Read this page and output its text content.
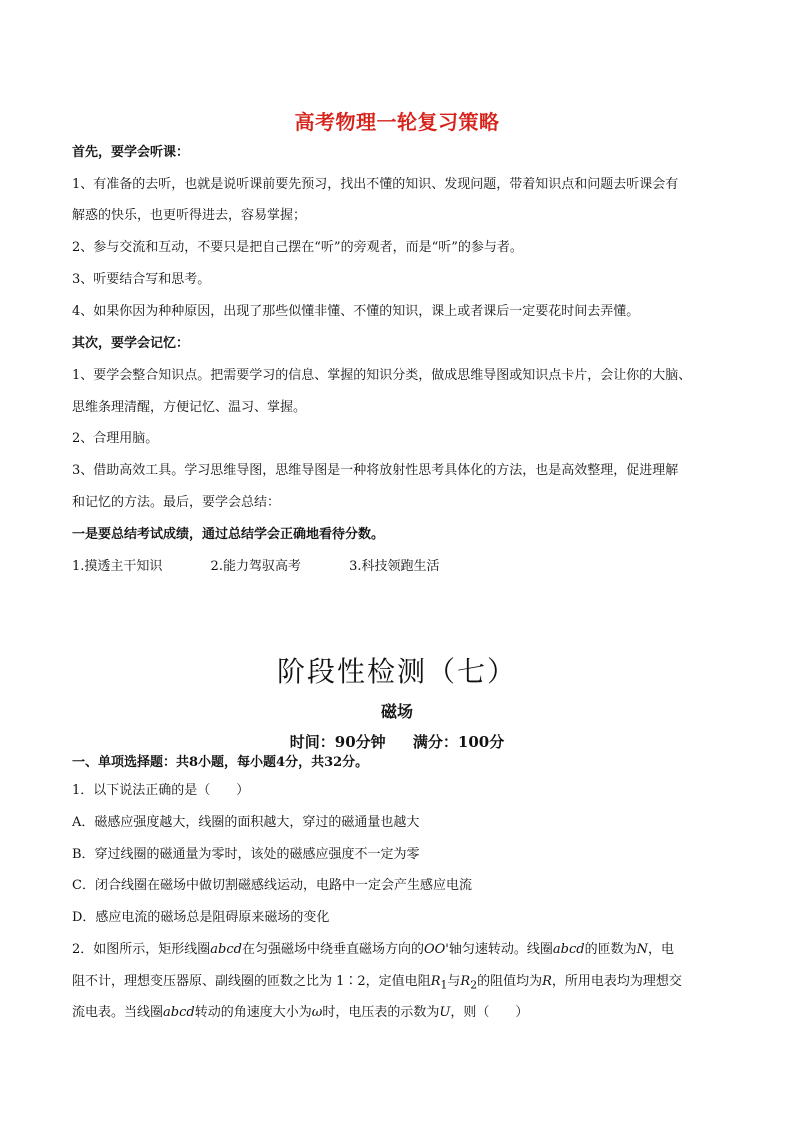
高考物理一轮复习策略
首先，要学会听课：
1、有准备的去听，也就是说听课前要先预习，找出不懂的知识、发现问题，带着知识点和问题去听课会有
解惑的快乐，也更听得进去，容易掌握；
2、参与交流和互动，不要只是把自己摆在“听”的旁观者，而是“听”的参与者。
3、听要结合写和思考。
4、如果你因为种种原因，出现了那些似懂非懂、不懂的知识，课上或者课后一定要花时间去弄懂。
其次，要学会记忆：
1、要学会整合知识点。把需要学习的信息、掌握的知识分类，做成思维导图或知识点卡片，会让你的大脑、
思维条理清醒，方便记忆、温习、掌握。
2、合理用脑。
3、借助高效工具。学习思维导图，思维导图是一种将放射性思考具体化的方法，也是高效整理，促进理解
和记忆的方法。最后，要学会总结：
一是要总结考试成绩，通过总结学会正确地看待分数。
1.摸透主干知识	2.能力驾驭高考	3.科技领跑生活
阶段性检测（七）
磁场
时间：90分钟 满分：100分
一、单项选择题：共8小题，每小题4分，共32分。
1．以下说法正确的是（　　）
A．磁感应强度越大，线圈的面积越大，穿过的磁通量也越大
B．穿过线圈的磁通量为零时，该处的磁感应强度不一定为零
C．闭合线圈在磁场中做切割磁感线运动，电路中一定会产生感应电流
D．感应电流的磁场总是阻碍原来磁场的变化
2．如图所示，矩形线圈abcd在匀强磁场中绕垂直磁场方向的OO'轴匀速转动。线圈abcd的匝数为N，电
阻不计，理想变压器原、副线圈的匝数之比为 1∶2，定值电阻$R_1$与$R_2$的阻值均为R，所用电表均为理想交
流电表。当线圈abcd转动的角速度大小为ω时，电压表的示数为U，则（　　）
